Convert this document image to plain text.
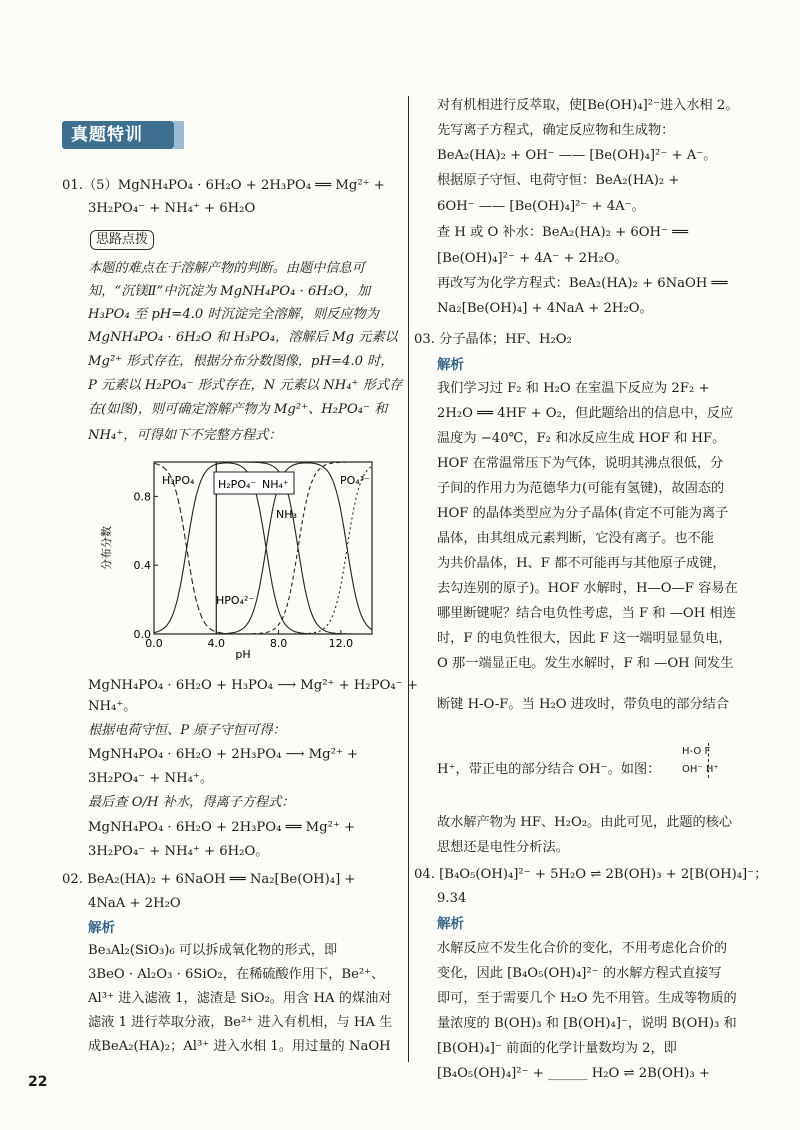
真题特训
01.（5）MgNH₄PO₄ · 6H₂O + 2H₃PO₄ ══ Mg²⁺ +
3H₂PO₄⁻ + NH₄⁺ + 6H₂O
思路点拨
本题的难点在于溶解产物的判断。由题中信息可
知，“沉镁Ⅱ”中沉淀为 MgNH₄PO₄ · 6H₂O，加
H₃PO₄ 至 pH=4.0 时沉淀完全溶解，则反应物为
MgNH₄PO₄ · 6H₂O 和 H₃PO₄，溶解后 Mg 元素以
Mg²⁺ 形式存在，根据分布分数图像，pH=4.0 时，
P 元素以 H₂PO₄⁻ 形式存在，N 元素以 NH₄⁺ 形式存
在(如图)，则可确定溶解产物为 Mg²⁺、H₂PO₄⁻ 和
NH₄⁺，可得如下不完整方程式：
0.0	4.0	8.0	12.0
0.0
0.4
0.8
pH
分布分数
H₃PO₄	PO₄³⁻
NH₃
HPO₄²⁻
H₂PO₄⁻ NH₄⁺
MgNH₄PO₄ · 6H₂O + H₃PO₄ ⟶ Mg²⁺ + H₂PO₄⁻ +
NH₄⁺。
根据电荷守恒、P 原子守恒可得：
MgNH₄PO₄ · 6H₂O + 2H₃PO₄ ⟶ Mg²⁺ +
3H₂PO₄⁻ + NH₄⁺。
最后查 O/H 补水，得离子方程式：
MgNH₄PO₄ · 6H₂O + 2H₃PO₄ ══ Mg²⁺ +
3H₂PO₄⁻ + NH₄⁺ + 6H₂O。
02. BeA₂(HA)₂ + 6NaOH ══ Na₂[Be(OH)₄] +
4NaA + 2H₂O
解析
Be₃Al₂(SiO₃)₆ 可以拆成氧化物的形式，即
3BeO · Al₂O₃ · 6SiO₂，在稀硫酸作用下，Be²⁺、
Al³⁺ 进入滤液 1，滤渣是 SiO₂。用含 HA 的煤油对
滤液 1 进行萃取分液，Be²⁺ 进入有机相，与 HA 生
成BeA₂(HA)₂；Al³⁺ 进入水相 1。用过量的 NaOH
对有机相进行反萃取，使[Be(OH)₄]²⁻进入水相 2。
先写离子方程式，确定反应物和生成物：
BeA₂(HA)₂ + OH⁻ —— [Be(OH)₄]²⁻ + A⁻。
根据原子守恒、电荷守恒：BeA₂(HA)₂ +
6OH⁻ —— [Be(OH)₄]²⁻ + 4A⁻。
查 H 或 O 补水：BeA₂(HA)₂ + 6OH⁻ ══
[Be(OH)₄]²⁻ + 4A⁻ + 2H₂O。
再改写为化学方程式：BeA₂(HA)₂ + 6NaOH ══
Na₂[Be(OH)₄] + 4NaA + 2H₂O。
03. 分子晶体；HF、H₂O₂
解析
我们学习过 F₂ 和 H₂O 在室温下反应为 2F₂ +
2H₂O ══ 4HF + O₂，但此题给出的信息中，反应
温度为 −40℃，F₂ 和冰反应生成 HOF 和 HF。
HOF 在常温常压下为气体，说明其沸点很低，分
子间的作用力为范德华力(可能有氢键)，故固态的
HOF 的晶体类型应为分子晶体(肯定不可能为离子
晶体，由其组成元素判断，它没有离子。也不能
为共价晶体，H、F 都不可能再与其他原子成键，
去勾连别的原子)。HOF 水解时，H—O—F 容易在
哪里断键呢？结合电负性考虑，当 F 和 —OH 相连
时，F 的电负性很大，因此 F 这一端明显显负电，
O 那一端显正电。发生水解时，F 和 —OH 间发生
断键 H-O-F。当 H₂O 进攻时，带负电的部分结合
H⁺，带正电的部分结合 OH⁻。如图：
H-O F
OH⁻ H⁺
故水解产物为 HF、H₂O₂。由此可见，此题的核心
思想还是电性分析法。
04. [B₄O₅(OH)₄]²⁻ + 5H₂O ⇌ 2B(OH)₃ + 2[B(OH)₄]⁻；
9.34
解析
水解反应不发生化合价的变化，不用考虑化合价的
变化，因此 [B₄O₅(OH)₄]²⁻ 的水解方程式直接写
即可，至于需要几个 H₂O 先不用管。生成等物质的
量浓度的 B(OH)₃ 和 [B(OH)₄]⁻，说明 B(OH)₃ 和
[B(OH)₄]⁻ 前面的化学计量数均为 2，即
[B₄O₅(OH)₄]²⁻ + ______ H₂O ⇌ 2B(OH)₃ +
22
